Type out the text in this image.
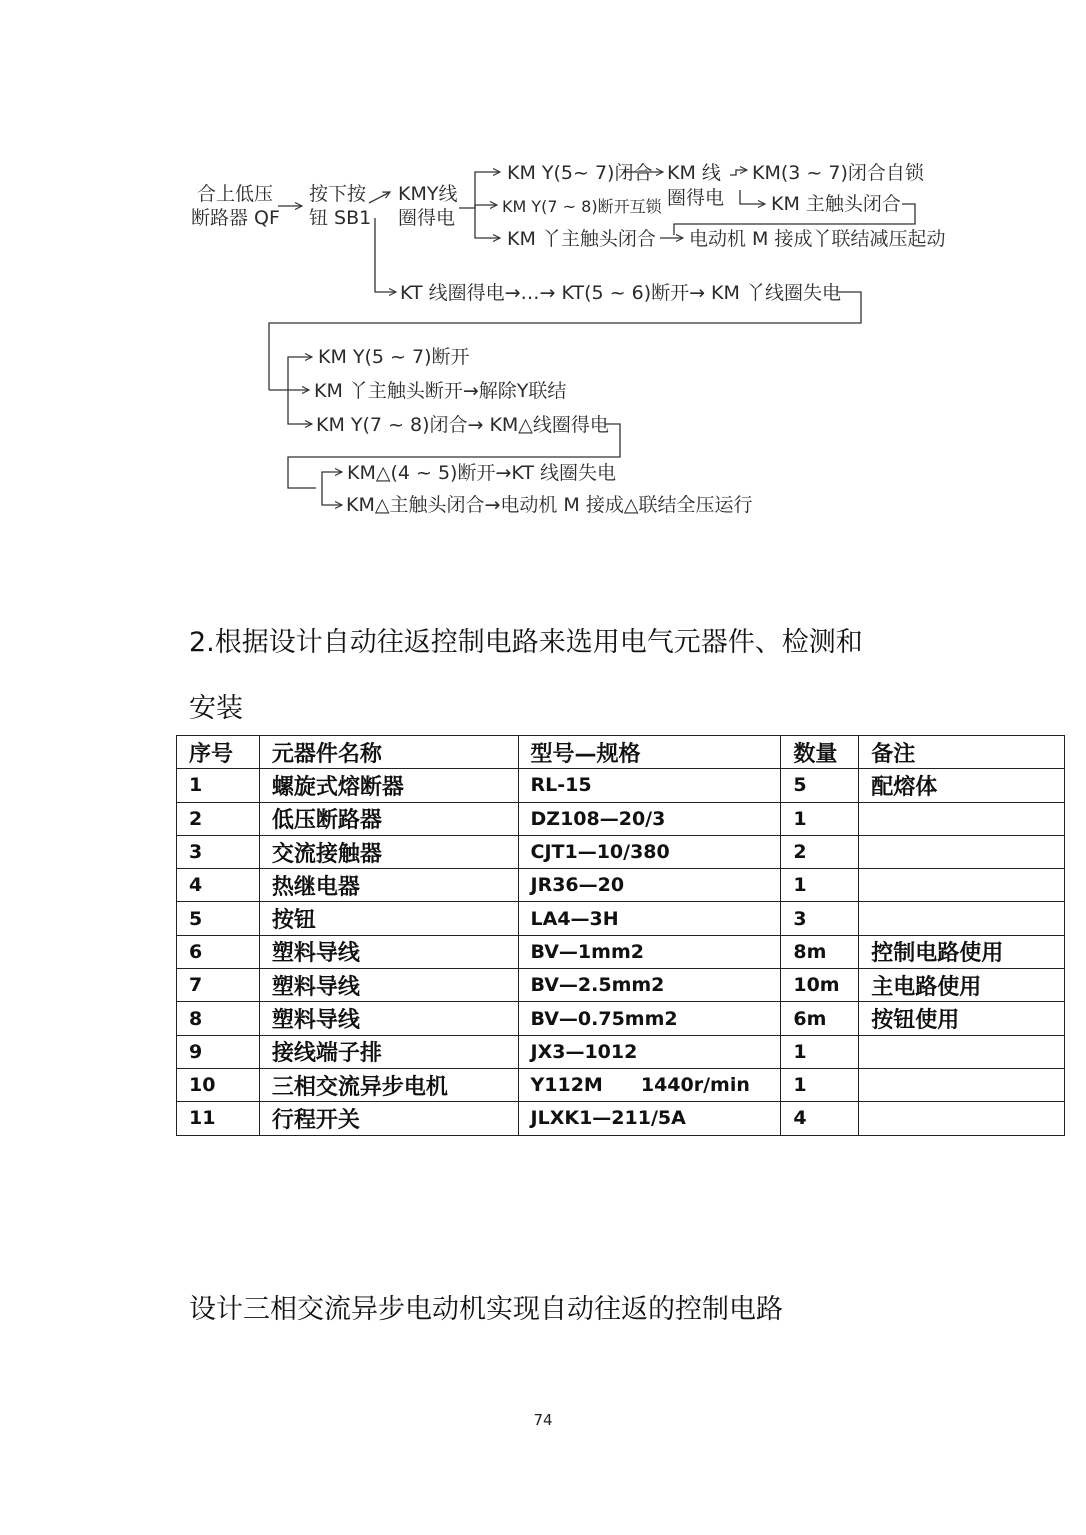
合上低压
断路器 QF
按下按
钮 SB1
KMY线
圈得电
KM Y(5~ 7)闭合
KM Y(7 ~ 8)断开互锁
KM 丫主触头闭合
KM 线
圈得电
KM(3 ~ 7)闭合自锁
KM 主触头闭合
电动机 M 接成丫联结减压起动
KT 线圈得电→…→ KT(5 ~ 6)断开→ KM 丫线圈失电
KM Y(5 ~ 7)断开
KM 丫主触头断开→解除Y联结
KM Y(7 ~ 8)闭合→ KM△线圈得电
KM△(4 ~ 5)断开→KT 线圈失电
KM△主触头闭合→电动机 M 接成△联结全压运行
2.根据设计自动往返控制电路来选用电气元器件、检测和
安装
序号	元器件名称	型号—规格	数量	备注
1	螺旋式熔断器	RL-15	5	配熔体
2	低压断路器	DZ108—20/3	1	
3	交流接触器	CJT1—10/380	2	
4	热继电器	JR36—20	1	
5	按钮	LA4—3H	3	
6	塑料导线	BV—1mm2	8m	控制电路使用
7	塑料导线	BV—2.5mm2	10m	主电路使用
8	塑料导线	BV—0.75mm2	6m	按钮使用
9	接线端子排	JX3—1012	1	
10	三相交流异步电机	Y112M 1440r/min	1	
11	行程开关	JLXK1—211/5A	4	
设计三相交流异步电动机实现自动往返的控制电路
74
